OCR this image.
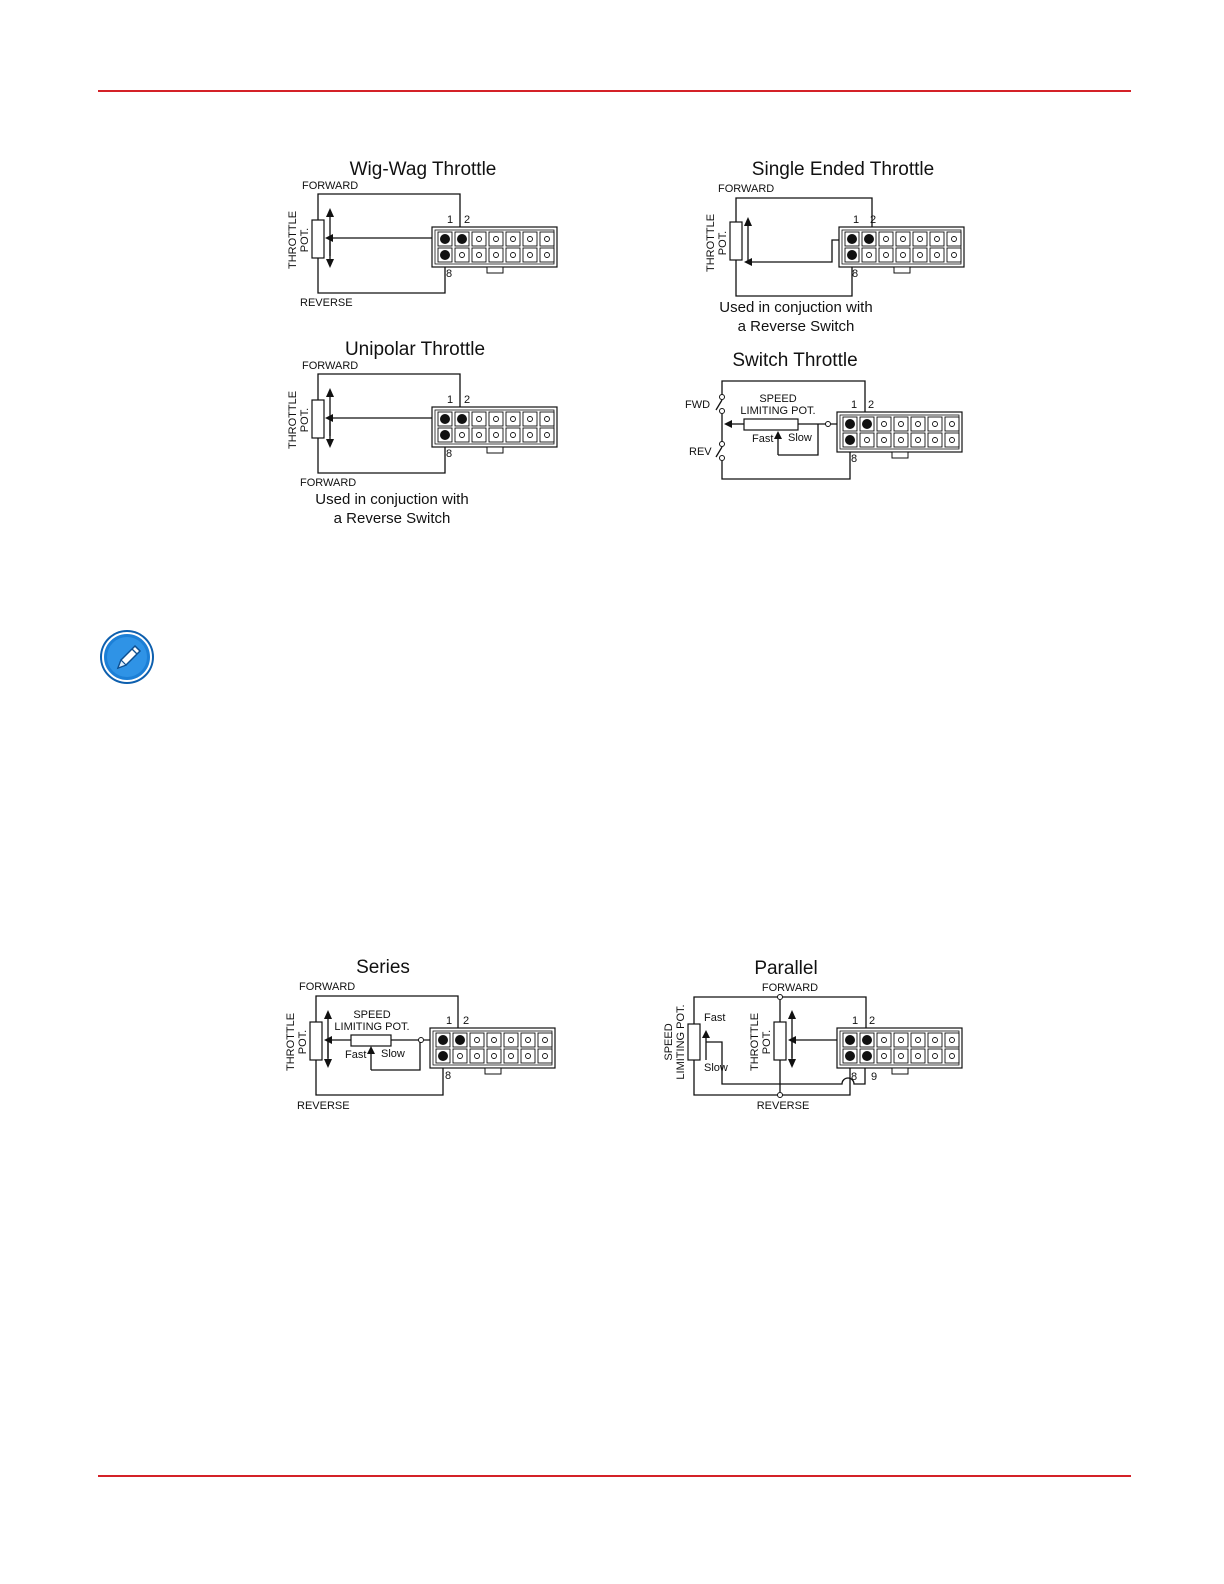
Wig-Wag Throttle
FORWARD
REVERSE
THROTTLE POT.
1 2
8
Single Ended Throttle
FORWARD
THROTTLE POT.
1 2
8
Used in conjuction with
a Reverse Switch
Unipolar Throttle
FORWARD
FORWARD
THROTTLE POT.
1 2
8
Used in conjuction with
a Reverse Switch
Switch Throttle
FWD
REV
SPEED
LIMITING POT.
Fast Slow
1 2
8
Series
FORWARD
REVERSE
THROTTLE POT.
SPEED
LIMITING POT.
Fast Slow
1 2
8
Parallel
FORWARD
REVERSE
SPEED LIMITING POT.	THROTTLE POT.
Fast
Slow
1 2
8 9
